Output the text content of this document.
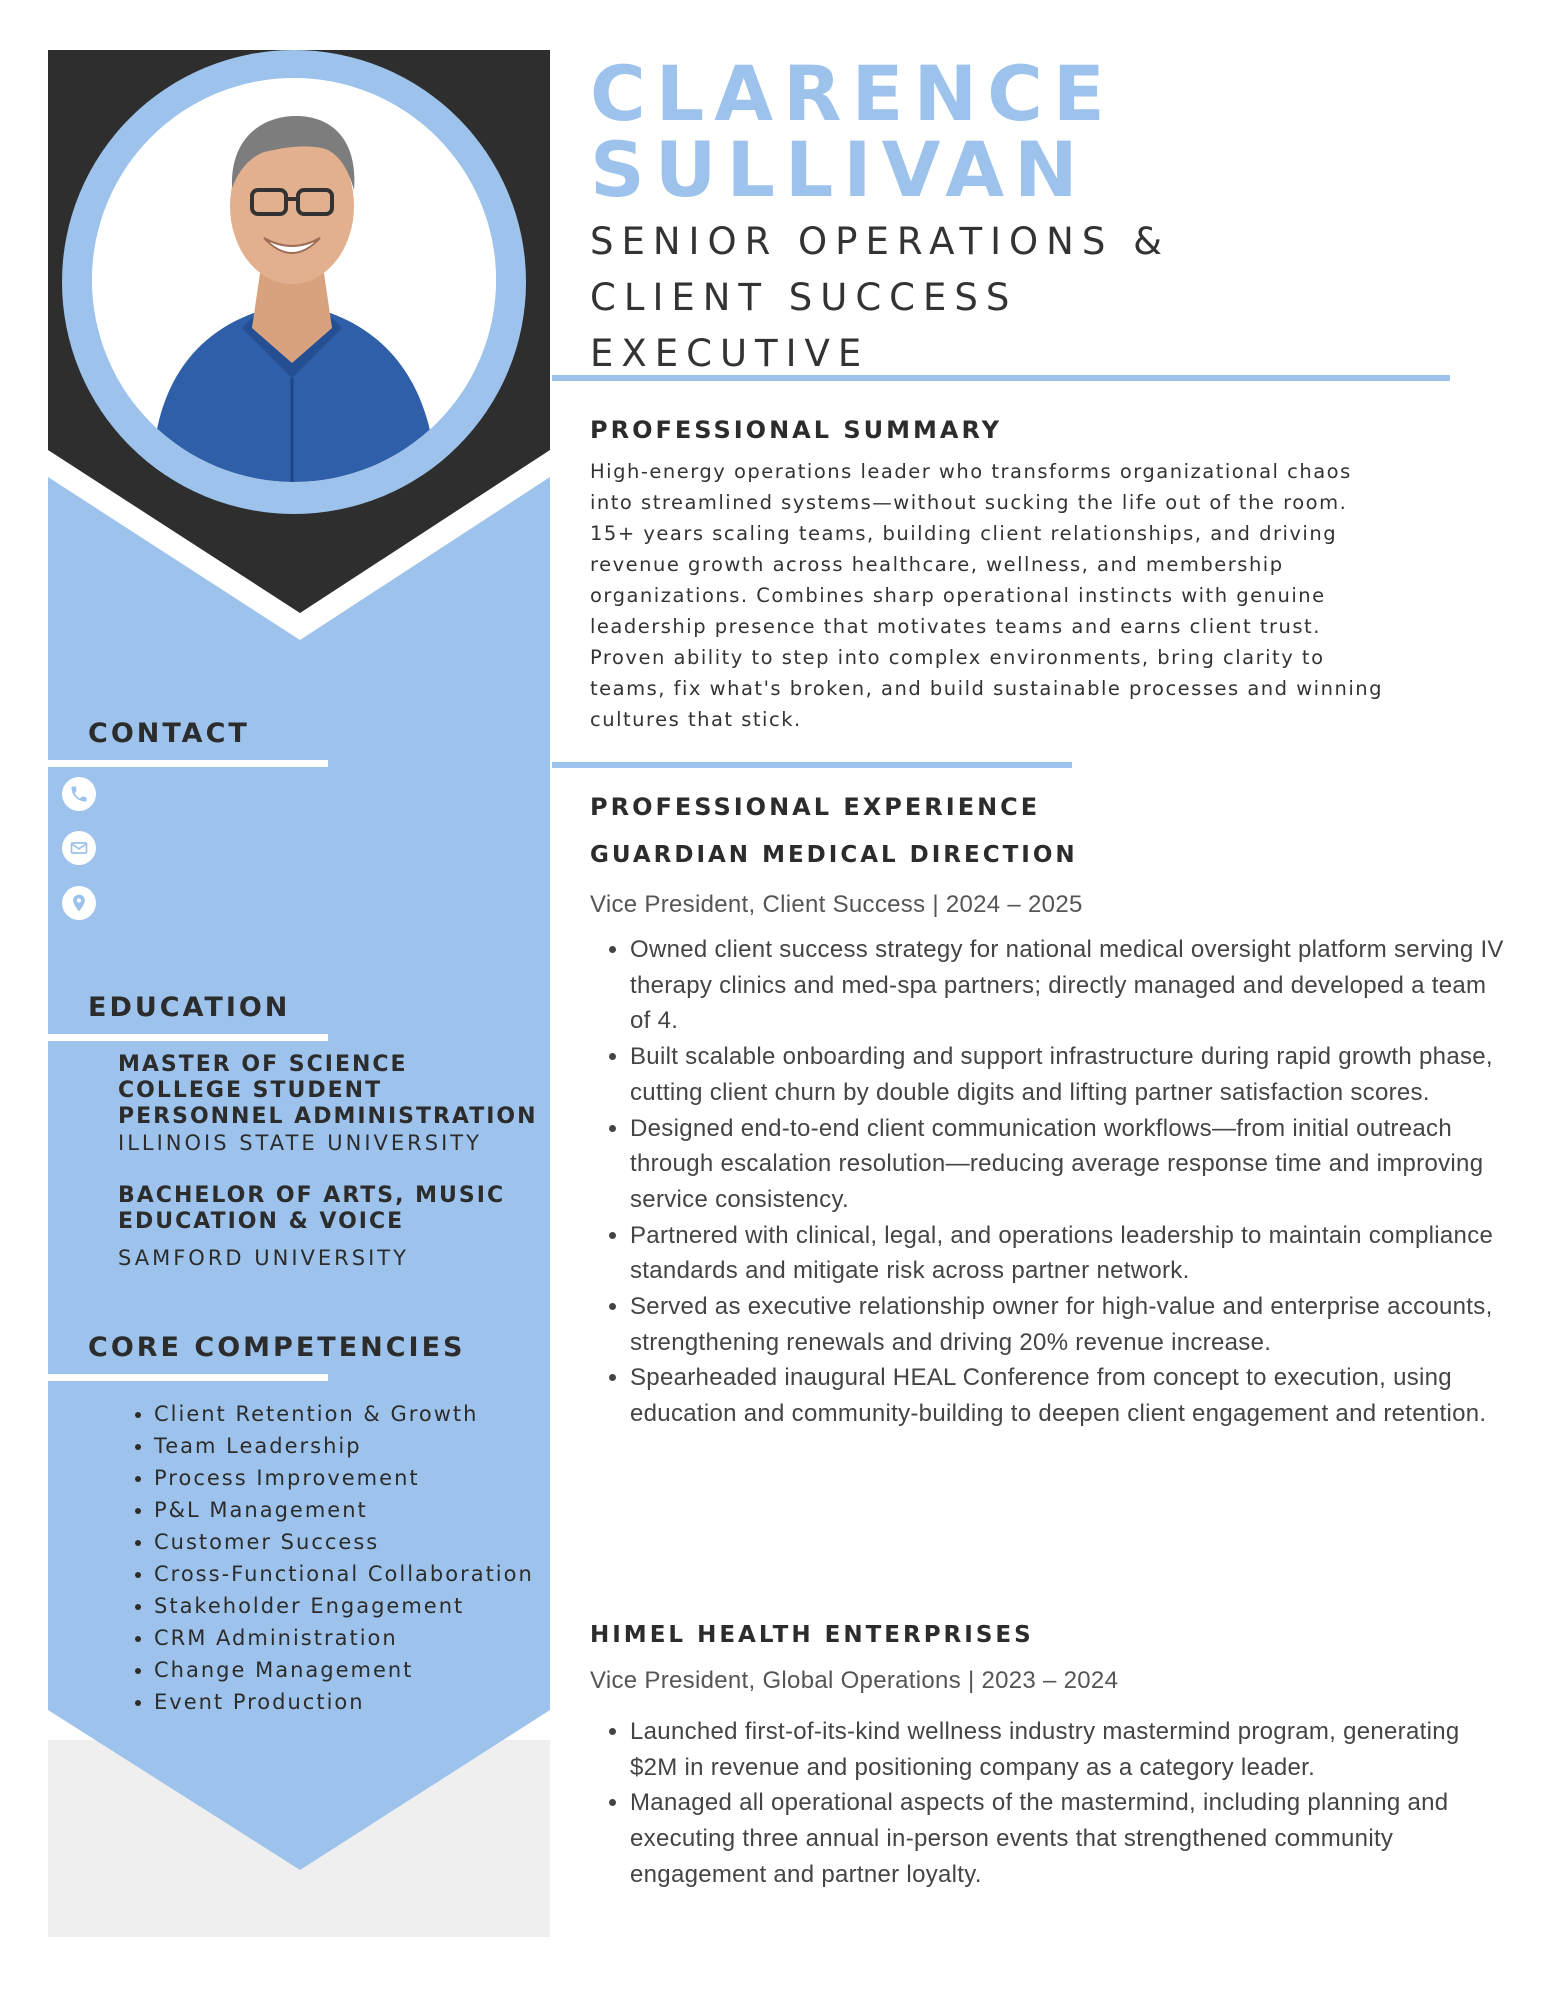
CONTACT
EDUCATION
MASTER OF SCIENCE
COLLEGE STUDENT
PERSONNEL ADMINISTRATION
ILLINOIS STATE UNIVERSITY
BACHELOR OF ARTS, MUSIC
EDUCATION & VOICE
SAMFORD UNIVERSITY
CORE COMPETENCIES
• Client Retention & Growth
• Team Leadership
• Process Improvement
• P&L Management
• Customer Success
• Cross-Functional Collaboration
• Stakeholder Engagement
• CRM Administration
• Change Management
• Event Production
CLARENCE
SULLIVAN
SENIOR OPERATIONS & CLIENT SUCCESS EXECUTIVE
PROFESSIONAL SUMMARY

High-energy operations leader who transforms organizational chaos into streamlined systems—without sucking the life out of the room. 15+ years scaling teams, building client relationships, and driving revenue growth across healthcare, wellness, and membership organizations. Combines sharp operational instincts with genuine leadership presence that motivates teams and earns client trust. Proven ability to step into complex environments, bring clarity to teams, fix what's broken, and build sustainable processes and winning cultures that stick.

PROFESSIONAL EXPERIENCE
GUARDIAN MEDICAL DIRECTION

Vice President, Client Success | 2024 – 2025

• Owned client success strategy for national medical oversight platform serving IV therapy clinics and med-spa partners; directly managed and developed a team of 4.
• Built scalable onboarding and support infrastructure during rapid growth phase, cutting client churn by double digits and lifting partner satisfaction scores.
• Designed end-to-end client communication workflows—from initial outreach through escalation resolution—reducing average response time and improving service consistency.
• Partnered with clinical, legal, and operations leadership to maintain compliance standards and mitigate risk across partner network.
• Served as executive relationship owner for high-value and enterprise accounts, strengthening renewals and driving 20% revenue increase.
• Spearheaded inaugural HEAL Conference from concept to execution, using education and community-building to deepen client engagement and retention.
HIMEL HEALTH ENTERPRISES

Vice President, Global Operations | 2023 – 2024

• Launched first-of-its-kind wellness industry mastermind program, generating $2M in revenue and positioning company as a category leader.
• Managed all operational aspects of the mastermind, including planning and executing three annual in-person events that strengthened community engagement and partner loyalty.
